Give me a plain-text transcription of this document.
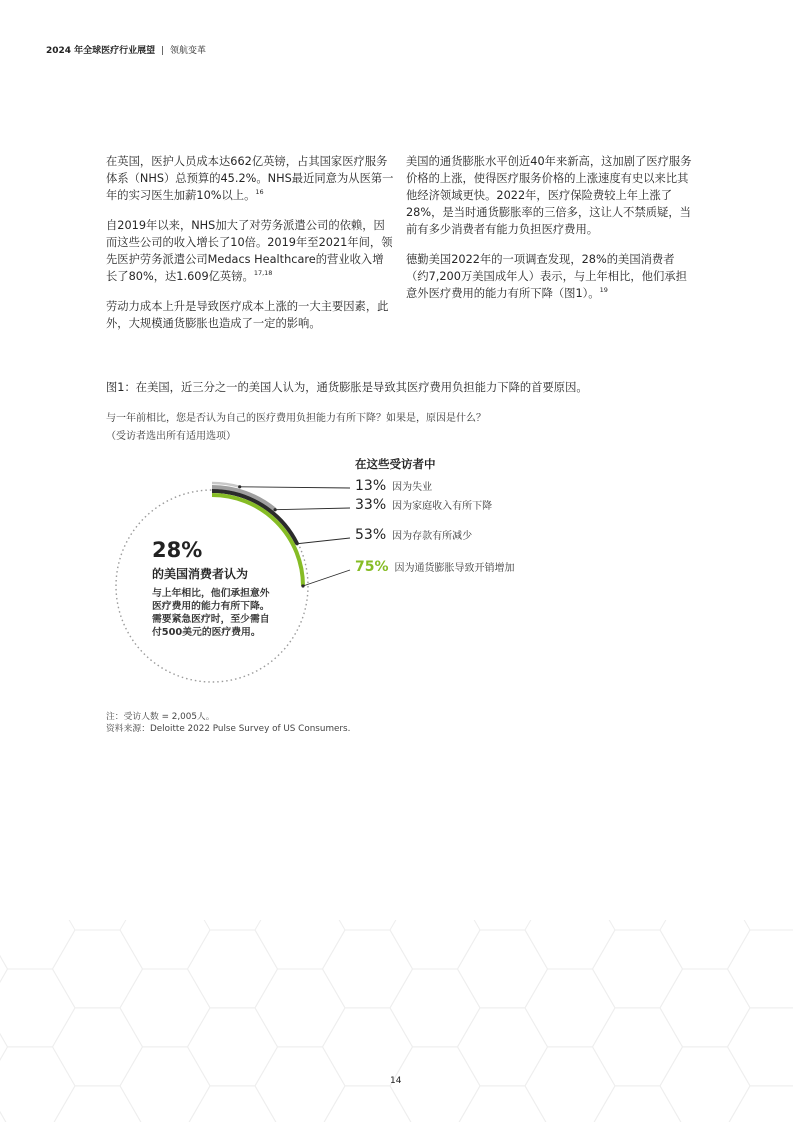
2024 年全球医疗行业展望 | 领航变革

在英国，医护人员成本达662亿英镑，占其国家医疗服务体系（NHS）总预算的45.2%。NHS最近同意为从医第一年的实习医生加薪10%以上。$^{16}$

自2019年以来，NHS加大了对劳务派遣公司的依赖，因而这些公司的收入增长了10倍。2019年至2021年间，领先医护劳务派遣公司Medacs Healthcare的营业收入增长了80%，达1.609亿英镑。$^{17,18}$

劳动力成本上升是导致医疗成本上涨的一大主要因素，此外，大规模通货膨胀也造成了一定的影响。

美国的通货膨胀水平创近40年来新高，这加剧了医疗服务价格的上涨，使得医疗服务价格的上涨速度有史以来比其他经济领域更快。2022年，医疗保险费较上年上涨了28%，是当时通货膨胀率的三倍多，这让人不禁质疑，当前有多少消费者有能力负担医疗费用。

德勤美国2022年的一项调查发现，28%的美国消费者（约7,200万美国成年人）表示，与上年相比，他们承担意外医疗费用的能力有所下降（图1）。$^{19}$

图1：在美国，近三分之一的美国人认为，通货膨胀是导致其医疗费用负担能力下降的首要原因。
与一年前相比，您是否认为自己的医疗费用负担能力有所下降？如果是，原因是什么？
（受访者选出所有适用选项）
在这些受访者中
13% 因为失业
33% 因为家庭收入有所下降
53% 因为存款有所减少
75% 因为通货膨胀导致开销增加
28%
的美国消费者认为
与上年相比，他们承担意外医疗费用的能力有所下降。需要紧急医疗时，至少需自付500美元的医疗费用。
注：受访人数 = 2,005人。
资料来源：Deloitte 2022 Pulse Survey of US Consumers.
14
